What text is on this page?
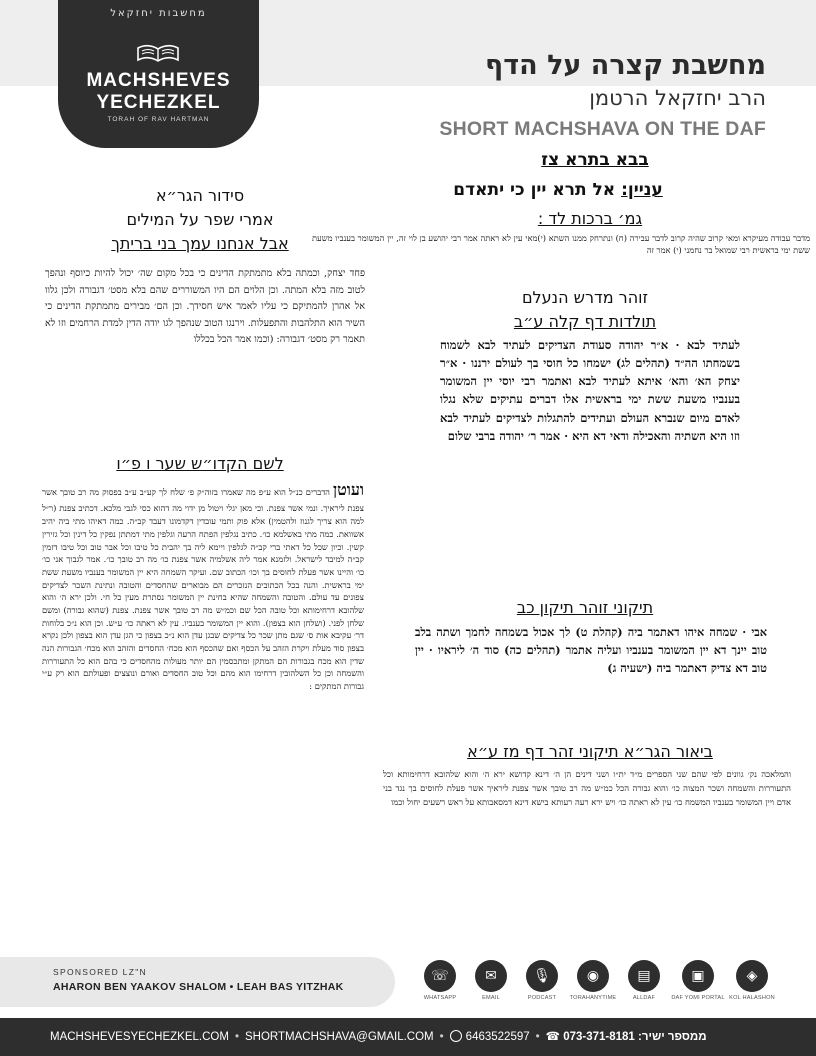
מחשבות יחזקאל
MACHSHEVES
YECHEZKEL
TORAH OF RAV HARTMAN
מחשבת קצרה על הדף
הרב יחזקאל הרטמן
SHORT MACHSHAVA ON THE DAF
בבא בתרא צז
עניין: אל תרא יין כי יתאדם
גמ׳ ברכות לד :
מדבר עבודה מעיקרא ומאי קרוב שהיה קרוב לדבר עבירה (ח) ונתרחק ממנו השתא (י)מאי עין לא ראתה אמר רבי יהושע בן לוי זה, יין המשומר בענביו משעת ששת ימי בראשית רבי שמואל בר נחמני (י) אמר זה
זוהר מדרש הנעלם
תולדות דף קלה ע״ב
לעתיד לבא · א״ר יהודה סעודת הצדיקים לעתיד לבא לשמוח בשמחתו הה״ד (תהלים לג) ישמחו כל חוסי בך לעולם ירננו · א״ר יצחק הא׳ והא׳ איתא לעתיד לבא ואתמר רבי יוסי יין המשומר בענביו משעת ששת ימי בראשית אלו דברים עתיקים שלא נגלו לאדם מיום שנברא העולם ועתידים להתגלות לצדיקים לעתיד לבא וזו היא השתיה והאכילה ודאי דא היא · אמר ר׳ יהודה ברבי שלום
תיקוני זוהר תיקון כב
אבי · שמחה איהו דאתמר ביה (קהלת ט) לך אכול בשמחה לחמך ושתה בלב טוב יינך דא יין המשומר בענביו ועליה אתמר (תהלים כה) סוד ה׳ ליראיו · יין טוב דא צדיק דאתמר ביה (ישעיה ג)
ביאור הגר״א תיקוני זהר דף מז ע״א
והמלאכה נק׳ גוונים לפי שהם שני הספרים מ״ד ית״ו ושני דינים הן ה׳ דינא קדושא ירא ה׳ והוא שלהובא דרחימותא וכל התעוררות והשמחה ושכר המצוה כו׳ והוא גבורה הכל כמ״ש מה רב טובך אשר צפנת ליראיך אשר פעלת לחוסים בך נגד בני אדם ויין המשומר בענביו המשמח כו׳ עין לא ראתה כו׳ ויש ירא רעה רעותא בישא דינא דמסאבותא על ראש רשעים יחול וכמו
סידור הגר״א
אמרי שפר על המילים
אבל אנחנו עמך בני בריתך
פחד יצחק, וכמתה בלא מתמתקת הדינים כי בכל מקום שה׳ יכול להיות כיוסף ונהפך לטוב מזה בלא המתה. וכן הלוים הם היו המשוררים שהם בלא מסט׳ דגבורה ולכן גלוו אל אהרן להמתיקם כי עליו לאמר איש חסידך. וכן הם׳ מבירים מתמתקת הדינים כי השיר הוא התלהבות והתפעלות. וירנגו הטוב שנהפך לגו יודה הדין למדת הרחמים וזו לא תאמר רק מסט׳ דגבורה: (וכמו אמר הכל בכללו
לשם הקדו״ש שער ו פ״ו
ועוטן הדברים כנ״ל הוא ע״פ מה שאמרו בזוה״ק פ׳ שלח לך קע״ב ע״ב בפסוק מה רב טובך אשר צפנת ליראיך. ונמי אשר צפנת. וכי מאן יגלי ויטול מן ידוי מה דהוא כסי לגבי מלכא. דכתיב צפנת (ר״ל למה הוא צריך לגנוז ולהטמין) אלא פוק ותמי עובדין דקדמונו דעבד קב״ה. כמה דאיהו מתי ביה יהיב אשוואת. כמה מתי באשלמא כו׳. כתיב נגלפין הפתח הרעה וגלפין מתי דמתתן נפקין כל דינין וכל גזירין קשין. וכיון שכל כל דאתי ברי קב״ה לגלפין ויימא ליה בך יהבית כל טיבו וכל אבר טוב וכל טיבו דזמין קב״ה למיבד לישראל. ולזמנא אמר ליה אשלמיה אשר צפנת כו׳ מה רב טובך כו׳. אמר לגבוך אני כו׳ כו׳ והיינו אשר פעלת לחוסים בך וכו׳ הכתוב שם. ועיקר השמחה היא יין המשומר בענביו משעת ששת ימי בראשית. והנה בכל הכתובים הנזכרים הם מבוארים שהחסדים והטובה ונתינת השכר לצדיקים צפונים עד עולם. והטובה והשמחה שהיא בחינת יין המשומר נסתרת מעין כל חי. ולכן ירא ה׳ והוא שלהובא דרחימותא וכל טובה הכל שם וכמ״ש מה רב טובך אשר צפנת. צפנת (שהוא גבורה) ומשם שלחן לפני. (ושלחן הוא בצפון). והוא יין המשומר בענביו. עין לא ראתה כו׳ ע״ש. וכן הוא נ״כ בלוחות דר׳ עקיבא אות ס׳ שגם מתן שכר כל צדיקים שבגן עדן הוא נ״כ בצפון כי הגן עדן הוא בצפון ולכן נקרא בצפון סוד מעלת ויקרת הזהב על הכסף ואם שהכסף הוא מכח׳ החסדים והזהב הוא מכח׳ הגבורות הנה שדין הוא מכח בגבורות הם המתקן ומתכסמין הם יותר מעולות מהחסדים כי בהם הוא כל התעוררות והשמחה וכן כל השלהובין דרחימו הוא מהם וכל טוב החסדים ואורם ונוצצים ופעולתם הוא רק ע״י גבורות המתקים :
SPONSORED LZ"N
AHARON BEN YAAKOV SHALOM • LEAH BAS YITZHAK
☏
WHATSAPP
✉
EMAIL
🎙
PODCAST
◉
TORAHANYTIME
▤
ALLDAF
▣
DAF YOMI PORTAL
◈
KOL HALASHON
MACHSHEVESYECHEZKEL.COM • SHORTMACHSHAVA@GMAIL.COM • 6463522597 • ☎ 073-371-8181 :ממספר ישיר
